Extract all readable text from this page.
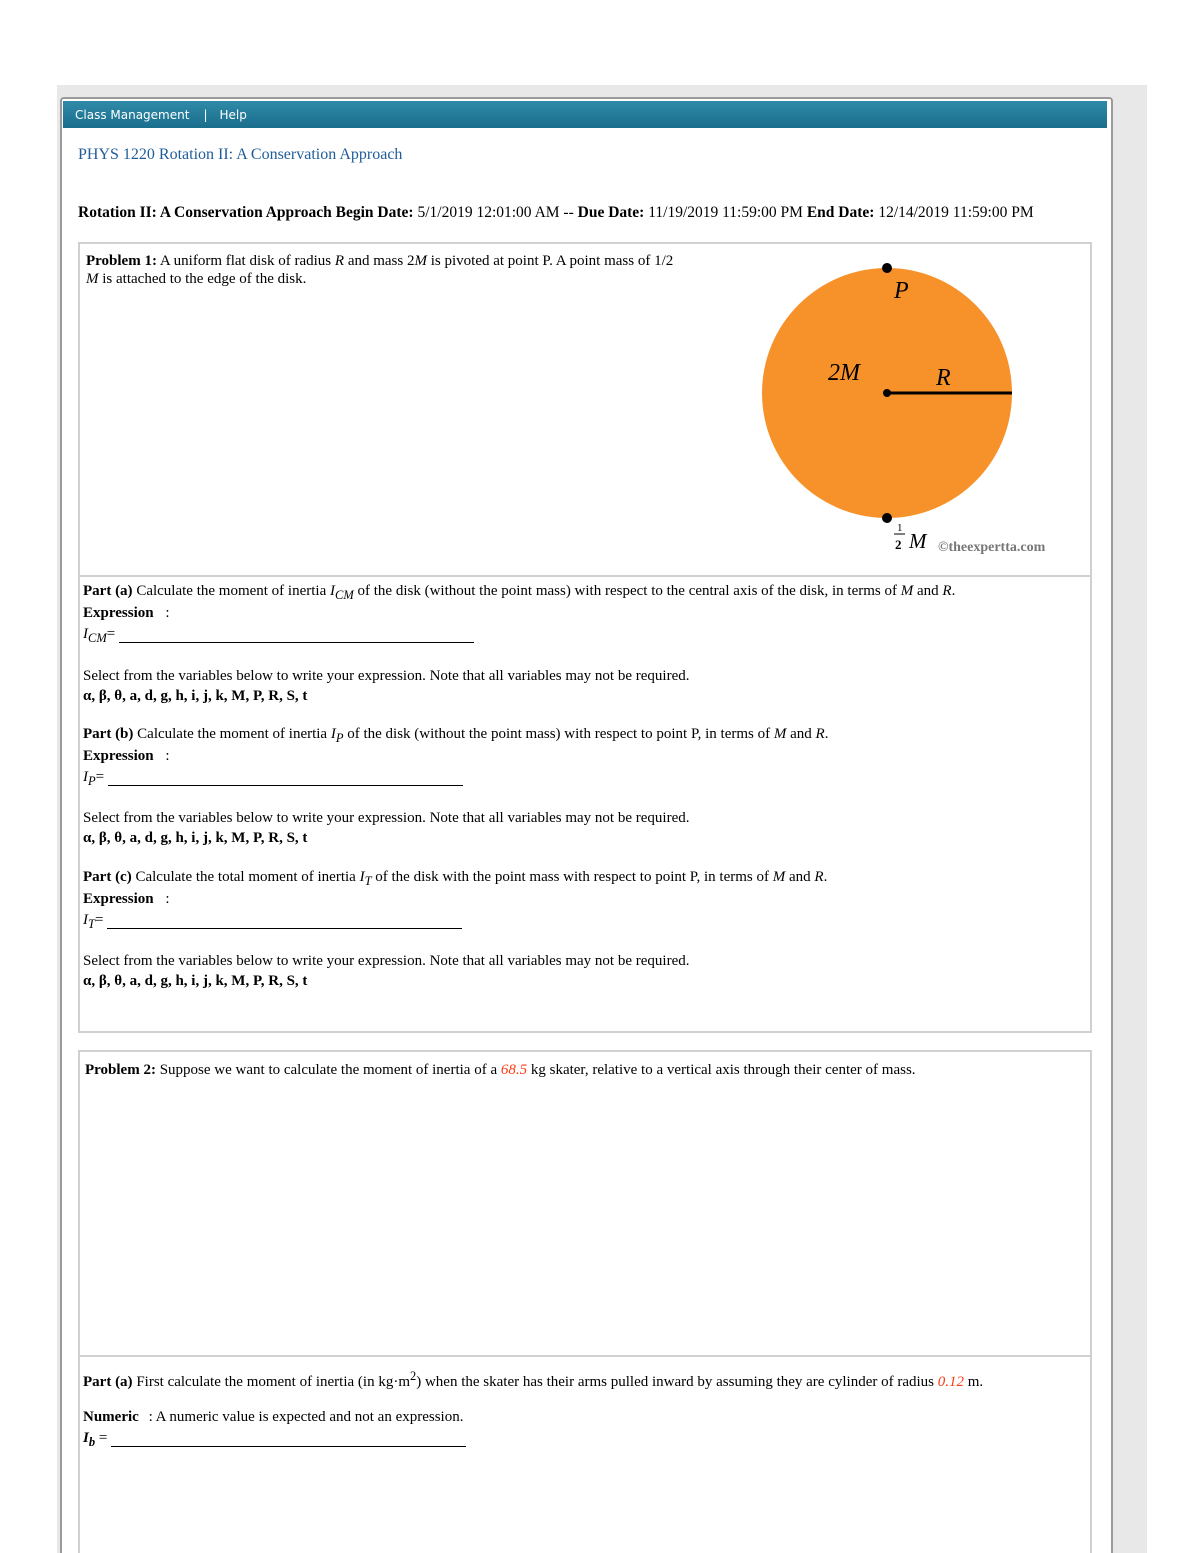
Class Management | Help
PHYS 1220 Rotation II: A Conservation Approach
Rotation II: A Conservation Approach Begin Date: 5/1/2019 12:01:00 AM -- Due Date: 11/19/2019 11:59:00 PM End Date: 12/14/2019 11:59:00 PM
Problem 1: A uniform flat disk of radius R and mass 2M is pivoted at point P. A point mass of 1/2 M is attached to the edge of the disk.	P
2M	R
1
2 M ©theexpertta.com
Part (a) Calculate the moment of inertia $I_{CM}$ of the disk (without the point mass) with respect to the central axis of the disk, in terms of M and R.
Expression :
$I_{CM}=$
Select from the variables below to write your expression. Note that all variables may not be required.
α, β, θ, a, d, g, h, i, j, k, M, P, R, S, t
Part (b) Calculate the moment of inertia $I_P$ of the disk (without the point mass) with respect to point P, in terms of M and R.
Expression :
$I_P=$
Select from the variables below to write your expression. Note that all variables may not be required.
α, β, θ, a, d, g, h, i, j, k, M, P, R, S, t
Part (c) Calculate the total moment of inertia $I_T$ of the disk with the point mass with respect to point P, in terms of M and R.
Expression :
$I_T=$
Select from the variables below to write your expression. Note that all variables may not be required.
α, β, θ, a, d, g, h, i, j, k, M, P, R, S, t
Problem 2: Suppose we want to calculate the moment of inertia of a 68.5 kg skater, relative to a vertical axis through their center of mass.
Part (a) First calculate the moment of inertia (in $kg\cdot m^2$) when the skater has their arms pulled inward by assuming they are cylinder of radius 0.12 m.
Numeric : A numeric value is expected and not an expression.
$I_b$ =
